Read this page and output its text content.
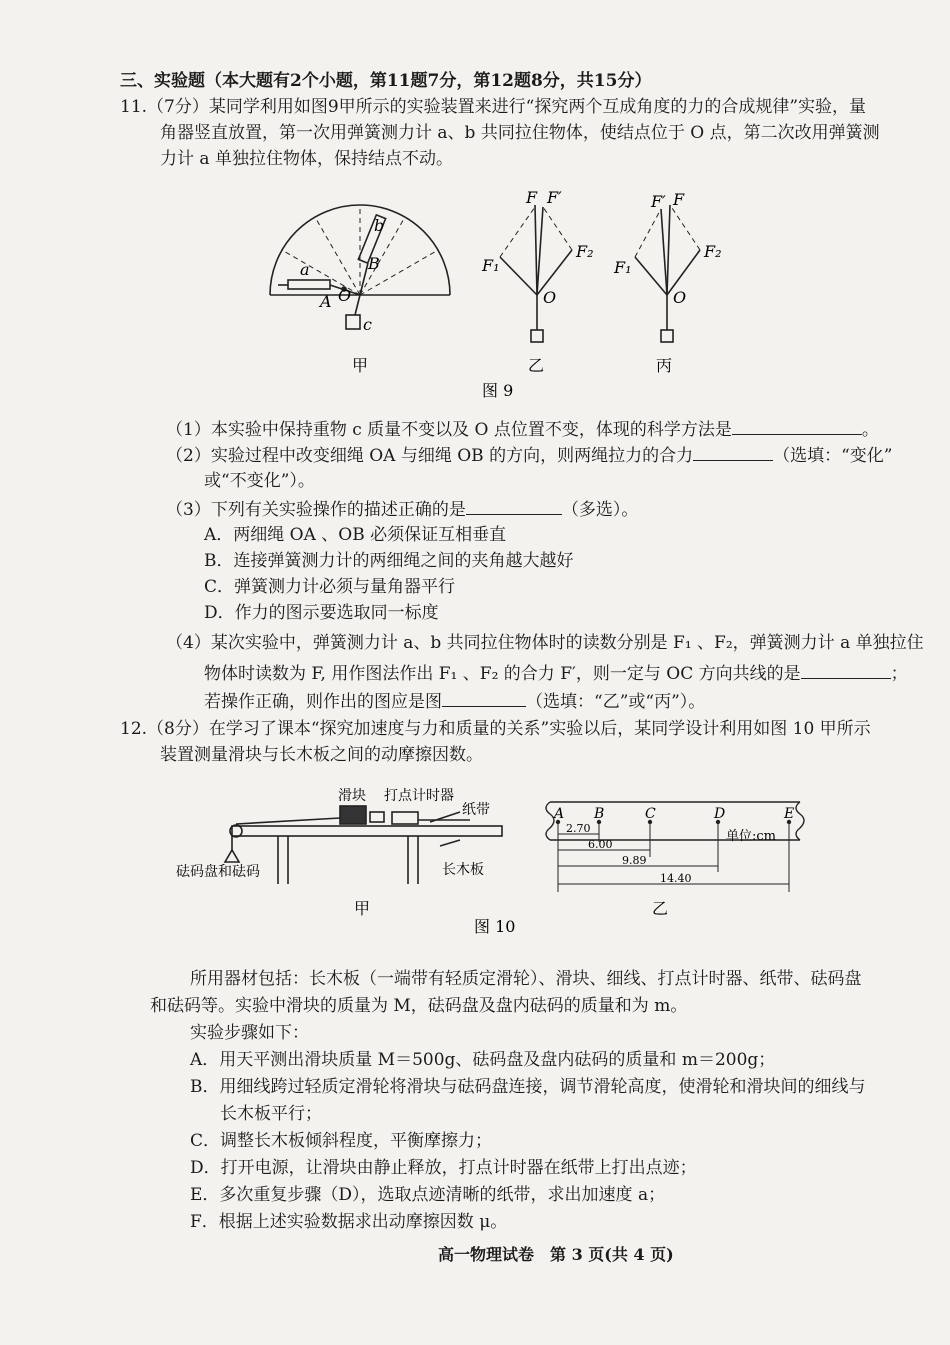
三、实验题（本大题有2个小题，第11题7分，第12题8分，共15分）
11.（7分）某同学利用如图9甲所示的实验装置来进行“探究两个互成角度的力的合成规律”实验，量
角器竖直放置，第一次用弹簧测力计 a、b 共同拉住物体，使结点位于 O 点，第二次改用弹簧测
力计 a 单独拉住物体，保持结点不动。
b
B
a
A O
c
F F′
F₁
F₂
O
F′ F
F₁
F₂
O
甲	乙	丙
图 9
（1）本实验中保持重物 c 质量不变以及 O 点位置不变，体现的科学方法是	。
（2）实验过程中改变细绳 OA 与细绳 OB 的方向，则两绳拉力的合力	（选填：“变化”
或“不变化”）。
（3）下列有关实验操作的描述正确的是	（多选）。
A．两细绳 OA 、OB 必须保证互相垂直
B．连接弹簧测力计的两细绳之间的夹角越大越好
C．弹簧测力计必须与量角器平行
D．作力的图示要选取同一标度
（4）某次实验中，弹簧测力计 a、b 共同拉住物体时的读数分别是 F₁ 、F₂，弹簧测力计 a 单独拉住
物体时读数为 F, 用作图法作出 F₁ 、F₂ 的合力 F′，则一定与 OC 方向共线的是	；
若操作正确，则作出的图应是图	（选填：“乙”或“丙”）。
12.（8分）在学习了课本“探究加速度与力和质量的关系”实验以后，某同学设计利用如图 10 甲所示
装置测量滑块与长木板之间的动摩擦因数。
滑块 打点计时器
纸带
砝码盘和砝码	长木板
甲
图 10
A B	C	D	E
单位:cm
2.70
6.00
9.89
14.40
乙
所用器材包括：长木板（一端带有轻质定滑轮）、滑块、细线、打点计时器、纸带、砝码盘
和砝码等。实验中滑块的质量为 M，砝码盘及盘内砝码的质量和为 m。
实验步骤如下：
A．用天平测出滑块质量 M＝500g、砝码盘及盘内砝码的质量和 m＝200g；
B．用细线跨过轻质定滑轮将滑块与砝码盘连接，调节滑轮高度，使滑轮和滑块间的细线与
长木板平行；
C．调整长木板倾斜程度，平衡摩擦力；
D．打开电源，让滑块由静止释放，打点计时器在纸带上打出点迹；
E．多次重复步骤（D），选取点迹清晰的纸带，求出加速度 a；
F．根据上述实验数据求出动摩擦因数 μ。
高一物理试卷　第 3 页(共 4 页)
